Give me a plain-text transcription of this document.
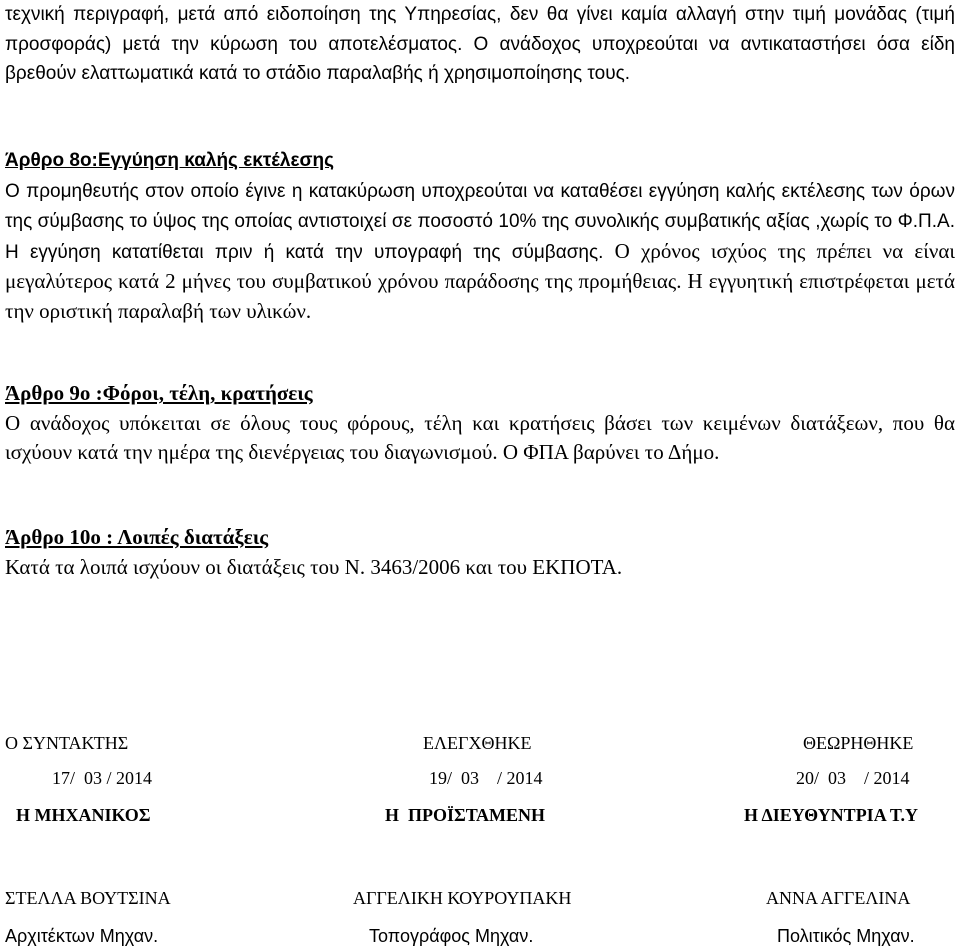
τεχνική περιγραφή, μετά από ειδοποίηση της Υπηρεσίας, δεν θα γίνει καμία αλλαγή στην τιμή μονάδας (τιμή προσφοράς) μετά την κύρωση του αποτελέσματος. Ο ανάδοχος υποχρεούται να αντικαταστήσει όσα είδη βρεθούν ελαττωματικά κατά το στάδιο παραλαβής ή χρησιμοποίησης τους.

Άρθρο 8ο:Εγγύηση καλής εκτέλεσης

Ο προμηθευτής στον οποίο έγινε η κατακύρωση υποχρεούται να καταθέσει εγγύηση καλής εκτέλεσης των όρων της σύμβασης το ύψος της οποίας αντιστοιχεί σε ποσοστό 10% της συνολικής συμβατικής αξίας ,χωρίς το Φ.Π.Α. Η εγγύηση κατατίθεται πριν ή κατά την υπογραφή της σύμβασης. Ο χρόνος ισχύος της πρέπει να είναι μεγαλύτερος κατά 2 μήνες του συμβατικού χρόνου παράδοσης της προμήθειας. Η εγγυητική επιστρέφεται μετά την οριστική παραλαβή των υλικών.

Άρθρο 9ο :Φόροι, τέλη, κρατήσεις

Ο ανάδοχος υπόκειται σε όλους τους φόρους, τέλη και κρατήσεις βάσει των κειμένων διατάξεων, που θα ισχύουν κατά την ημέρα της διενέργειας του διαγωνισμού. Ο ΦΠΑ βαρύνει το Δήμο.

Άρθρο 10ο : Λοιπές διατάξεις

Κατά τα λοιπά ισχύουν οι διατάξεις του Ν. 3463/2006 και του ΕΚΠΟΤΑ.

Ο ΣΥΝΤΑΚΤΗΣ	ΕΛΕΓΧΘΗΚΕ	ΘΕΩΡΗΘΗΚΕ
17/  03 / 2014	19/  03    / 2014	20/  03    / 2014
Η ΜΗΧΑΝΙΚΟΣ	Η  ΠΡΟΪΣΤΑΜΕΝΗ	Η ΔΙΕΥΘΥΝΤΡΙΑ Τ.Υ
ΣΤΕΛΛΑ ΒΟΥΤΣΙΝΑ	ΑΓΓΕΛΙΚΗ ΚΟΥΡΟΥΠΑΚΗ	ΑΝΝΑ ΑΓΓΕΛΙΝΑ
Αρχιτέκτων Μηχαν.	Τοπογράφος Μηχαν.	Πολιτικός Μηχαν.
